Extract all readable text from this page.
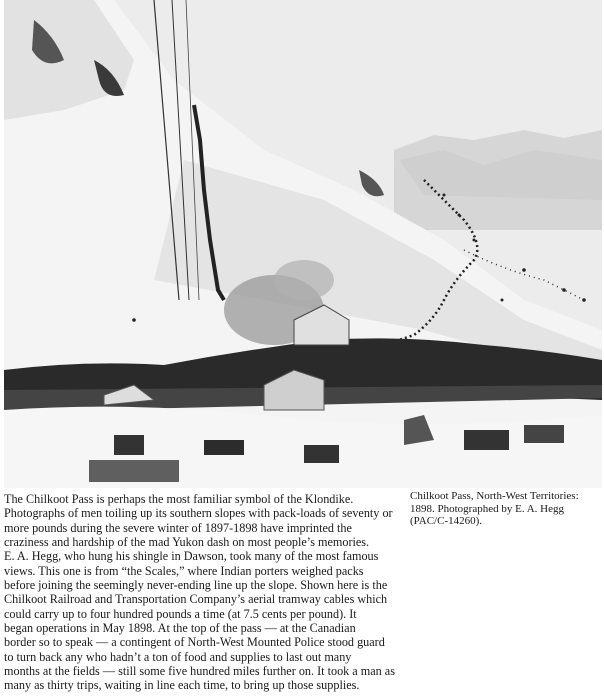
The Chilkoot Pass is perhaps the most familiar symbol of the Klondike.
Photographs of men toiling up its southern slopes with pack-loads of seventy or
more pounds during the severe winter of 1897-1898 have imprinted the
craziness and hardship of the mad Yukon dash on most people’s memories.
E. A. Hegg, who hung his shingle in Dawson, took many of the most famous
views. This one is from “the Scales,” where Indian porters weighed packs
before joining the seemingly never-ending line up the slope. Shown here is the
Chilkoot Railroad and Transportation Company’s aerial tramway cables which
could carry up to four hundred pounds a time (at 7.5 cents per pound). It
began operations in May 1898. At the top of the pass — at the Canadian
border so to speak — a contingent of North-West Mounted Police stood guard
to turn back any who hadn’t a ton of food and supplies to last out many
months at the fields — still some five hundred miles further on. It took a man as
many as thirty trips, waiting in line each time, to bring up those supplies.
Chilkoot Pass, North-West Territories:
1898. Photographed by E. A. Hegg
(PAC/C-14260).
